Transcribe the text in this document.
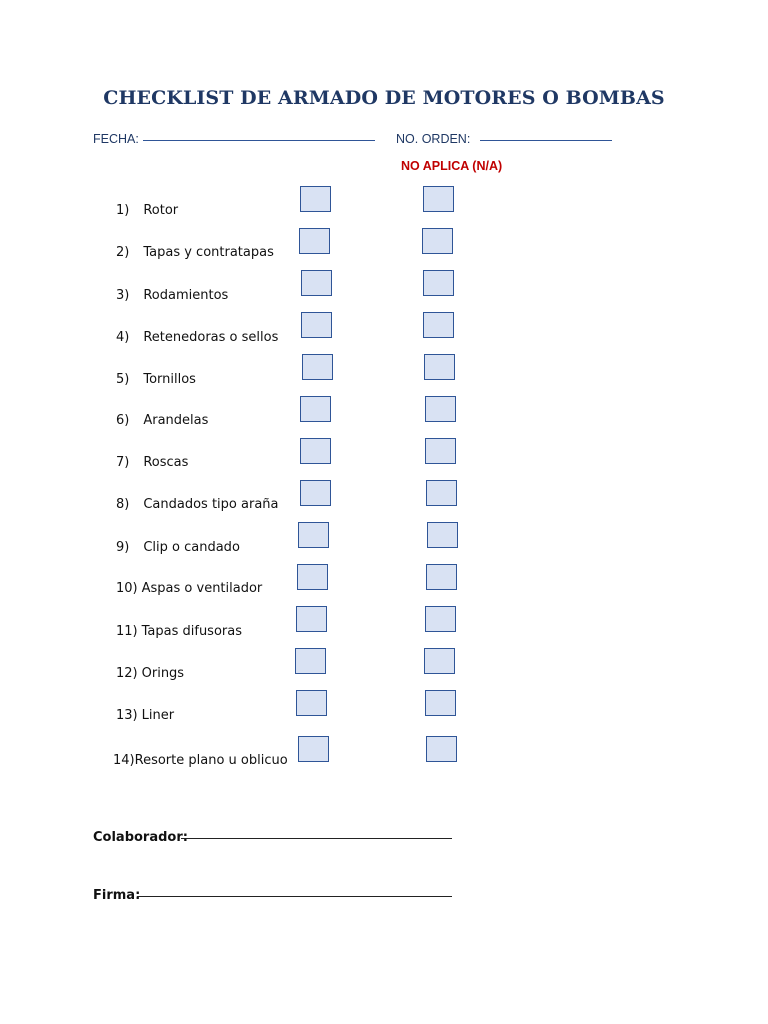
CHECKLIST DE ARMADO DE MOTORES O BOMBAS
FECHA:	NO. ORDEN:
NO APLICA (N/A)
1) Rotor
2) Tapas y contratapas
3) Rodamientos
4) Retenedoras o sellos
5) Tornillos
6) Arandelas
7) Roscas
8) Candados tipo araña
9) Clip o candado
10) Aspas o ventilador
11) Tapas difusoras
12) Orings
13) Liner
14)Resorte plano u oblicuo
Colaborador:
Firma:
